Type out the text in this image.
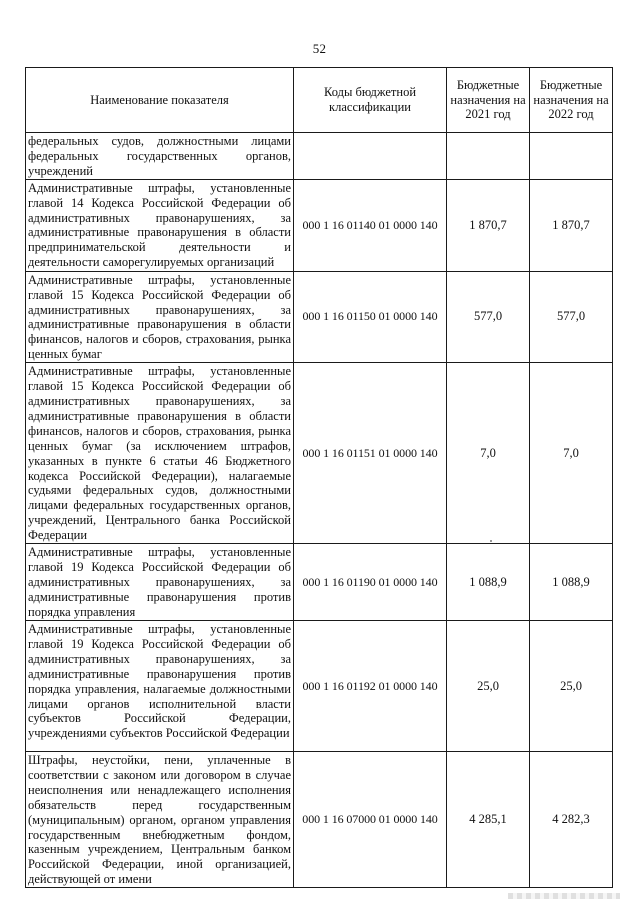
52
Наименование показателя	Коды бюджетной классификации	Бюджетные назначения на 2021 год	Бюджетные назначения на 2022 год
федеральных судов, должностными лицами федеральных государственных органов, учреждений			
Административные штрафы, установленные главой 14 Кодекса Российской Федерации об административных правонарушениях, за административные правонарушения в области предпринимательской деятельности и деятельности саморегулируемых организаций	000 1 16 01140 01 0000 140	1 870,7	1 870,7
Административные штрафы, установленные главой 15 Кодекса Российской Федерации об административных правонарушениях, за административные правонарушения в области финансов, налогов и сборов, страхования, рынка ценных бумаг	000 1 16 01150 01 0000 140	577,0	577,0
Административные штрафы, установленные главой 15 Кодекса Российской Федерации об административных правонарушениях, за административные правонарушения в области финансов, налогов и сборов, страхования, рынка ценных бумаг (за исключением штрафов, указанных в пункте 6 статьи 46 Бюджетного кодекса Российской Федерации), налагаемые судьями федеральных судов, должностными лицами федеральных государственных органов, учреждений, Центрального банка Российской Федерации	000 1 16 01151 01 0000 140	7,0	7,0
Административные штрафы, установленные главой 19 Кодекса Российской Федерации об административных правонарушениях, за административные правонарушения против порядка управления	000 1 16 01190 01 0000 140	1 088,9	1 088,9
Административные штрафы, установленные главой 19 Кодекса Российской Федерации об административных правонарушениях, за административные правонарушения против порядка управления, налагаемые должностными лицами органов исполнительной власти субъектов Российской Федерации, учреждениями субъектов Российской Федерации	000 1 16 01192 01 0000 140	25,0	25,0
Штрафы, неустойки, пени, уплаченные в соответствии с законом или договором в случае неисполнения или ненадлежащего исполнения обязательств перед государственным (муниципальным) органом, органом управления государственным внебюджетным фондом, казенным учреждением, Центральным банком Российской Федерации, иной организацией, действующей от имени	000 1 16 07000 01 0000 140	4 285,1	4 282,3
